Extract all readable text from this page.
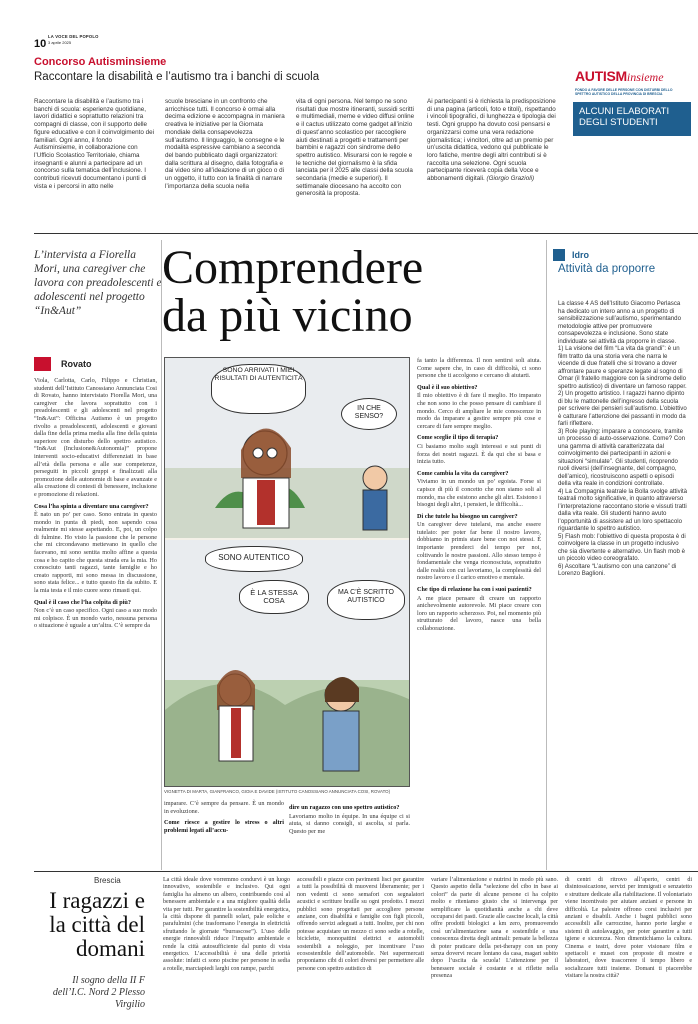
10
LA VOCE DEL POPOLO
3 aprile 2025
Concorso Autisminsieme
Raccontare la disabilità e l’autismo tra i banchi di scuola
Raccontare la disabilità e l’autismo tra i banchi di scuola: esperienze quotidiane, lavori didattici e soprattutto relazioni tra compagni di classe, con il supporto delle figure educative e con il coinvolgimento dei familiari. Ogni anno, il fondo Autisminsieme, in collaborazione con l’Ufficio Scolastico Territoriale, chiama insegnanti e alunni a partecipare ad un concorso sulla tematica dell’inclusione. I contributi ricevuti documentano i punti di vista e i percorsi in atto nelle
scuole bresciane in un confronto che arricchisce tutti. Il concorso è ormai alla decima edizione e accompagna in maniera creativa le iniziative per la Giornata mondiale della consapevolezza sull’autismo. Il linguaggio, le consegne e le modalità espressive cambiano a seconda del bando pubblicato dagli organizzatori: dalla scrittura al disegno, dalla fotografia e dai video sino all’ideazione di un gioco o di un oggetto, il tutto con la finalità di narrare l’importanza della scuola nella
vita di ogni persona. Nel tempo ne sono risultati due mostre itineranti, sussidi scritti e multimediali, meme e video diffusi online e il cactus utilizzato come gadget all’inizio di quest’anno scolastico per raccogliere aiuti destinati a progetti e trattamenti per bambini e ragazzi con sindrome dello spettro autistico. Misurarsi con le regole e le tecniche del giornalismo è la sfida lanciata per il 2025 alle classi della scuola secondaria (medie e superiori). Il settimanale diocesano ha accolto con generosità la proposta.
Ai partecipanti si è richiesta la predisposizione di una pagina (articoli, foto e titoli), rispettando i vincoli tipografici, di lunghezza e tipologia dei testi. Ogni gruppo ha dovuto così pensarsi e organizzarsi come una vera redazione giornalistica; i vincitori, oltre ad un premio per un’uscita didattica, vedono qui pubblicate le loro fatiche, mentre degli altri contributi si è raccolta una selezione. Ogni scuola partecipante riceverà copia della Voce e abbonamenti digitali. (Giorgio Grazioli)
AUTISMinsieme
FONDO A FAVORE DELLE PERSONE CON DISTURBI DELLO SPETTRO AUTISTICO DELLA PROVINCIA DI BRESCIA
ALCUNI ELABORATI DEGLI STUDENTI
L’intervista a Fiorella Mori, una caregiver che lavora con preadolescenti e adolescenti nel progetto “In&Aut”
Comprendere
da più vicino
Rovato
Viola, Carlotta, Carlo, Filippo e Christian, studenti dell’Istituto Canossiano Annunciata Cosi di Rovato, hanno intervistato Fiorella Mori, una caregiver che lavora soprattutto con i preadolescenti e gli adolescenti nel progetto “In&Aut”: Officina Autismo è un progetto rivolto a preadolescenti, adolescenti e giovani dalla fine della prima media alla fine della quinta superiore con disturbo dello spettro autistico. “In&Aut (Inclusione&Autonomia)” propone interventi socio-educativi differenziati in base all’età della persona e alle sue competenze, perseguiti in piccoli gruppi e finalizzati alla promozione delle autonomie di base e avanzate e alla creazione di contesti di benessere, inclusione e promozione di relazioni.
Cosa l’ha spinta a diventare una caregiver?
È nato un po’ per caso. Sono entrata in questo mondo in punta di piedi, non sapendo cosa realmente mi stesse aspettando. E, poi, un colpo di fulmine. Ho visto la passione che le persone che mi circondavano mettevano in quello che facevano, mi sono sentita molto affine a questa cosa e ho capito che questa strada era la mia. Ho conosciuto tanti ragazzi, tante famiglie e ho creato rapporti, mi sono messa in discussione, sono stata felice... e tutto questo fin da subito. E la mia testa e il mio cuore sono rimasti qui.
Qual è il caso che l’ha colpita di più?
Non c’è un caso specifico. Ogni caso a suo modo mi colpisce. È un mondo vario, nessuna persona o situazione è uguale a un’altra. C’è sempre da
imparare. C’è sempre da pensare. È un mondo in evoluzione.
Come riesce a gestire lo stress o altri problemi legati all’accu-
dire un ragazzo con uno spettro autistico?
Lavoriamo molto in équipe. In una équipe ci si aiuta, si danno consigli, si ascolta, si parla. Questo per me
fa tanto la differenza. Il non sentirsi soli aiuta. Come sapere che, in caso di difficoltà, ci sono persone che ti accolgono e cercano di aiutarti.
Qual è il suo obiettivo?
Il mio obiettivo è di fare il meglio. Ho imparato che non sono io che posso pensare di cambiare il mondo. Cerco di ampliare le mie conoscenze in modo da imparare a gestire sempre più cose e cercare di fare sempre meglio.
Come sceglie il tipo di terapia?
Ci basiamo molto sugli interessi e sui punti di forza dei nostri ragazzi. È da qui che si basa e inizia tutto.
Come cambia la vita da caregiver?
Viviamo in un mondo un po’ egoista. Forse si capisce di più il concetto che non siamo soli al mondo, ma che esistono anche gli altri. Esistono i bisogni degli altri, i pensieri, le difficoltà...
Di che tutele ha bisogno un caregiver?
Un caregiver deve tutelarsi, ma anche essere tutelato: per poter far bene il nostro lavoro, dobbiamo in primis stare bene con noi stessi. È importante prenderci del tempo per noi, coltivando le nostre passioni. Allo stesso tempo è fondamentale che venga riconosciuta, soprattutto dalle realtà con cui lavoriamo, la complessità del nostro lavoro e il carico emotivo e mentale.
Che tipo di relazione ha con i suoi pazienti?
A me piace pensare di creare un rapporto anichevolmente autorevole. Mi piace creare con loro un rapporto scherzoso. Poi, nel momento più strutturato del lavoro, nasce una bella collaborazione.
SONO ARRIVATI I MIEI RISULTATI DI AUTENTICITÀ
IN CHE SENSO?
SONO AUTENTICO
È LA STESSA COSA
MA C’È SCRITTO AUTISTICO
VIGNETTA DI MARTA, GIANFRANCO, GIOIA E DAVIDE (ISTITUTO CANOSSIANO ANNUNCIATA COSI, ROVATO)
Idro
Attività da proporre
La classe 4 AS dell’Istituto Giacomo Perlasca ha dedicato un intero anno a un progetto di sensibilizzazione sull’autismo, sperimentando metodologie attive per promuovere consapevolezza e inclusione. Sono state individuate sei attività da proporre in classe.
1) La visione del film “La vita da grandi”: è un film tratto da una storia vera che narra le vicende di due fratelli che si trovano a dover affrontare paure e speranze legate al sogno di Omar (il fratello maggiore con la sindrome dello spettro autistico) di diventare un famoso rapper.
2) Un progetto artistico. I ragazzi hanno dipinto di blu le mattonelle dell’ingresso della scuola per scrivere dei pensieri sull’autismo. L’obiettivo è catturare l’attenzione dei passanti in modo da farli riflettere.
3) Role playing: imparare a conoscere, tramite un processo di auto-osservazione. Come? Con una gamma di attività caratterizzata dal coinvolgimento dei partecipanti in azioni e situazioni “simulate”. Gli studenti, ricoprendo ruoli diversi (dell’insegnante, del compagno, dell’amico), ricostruiscono aspetti o episodi della vita reale in condizioni controllate.
4) La Compagnia teatrale la Bolla svolge attività teatrali molto significative, in quanto attraverso l’interpretazione raccontano storie e vissuti tratti dalla vita reale. Gli studenti hanno avuto l’opportunità di assistere ad un loro spettacolo riguardante lo spettro autistico.
5) Flash mob: l’obiettivo di questa proposta è di coinvolgere la classe in un progetto inclusivo che sia divertente e alternativo. Un flash mob è un piccolo video coreografato.
6) Ascoltare “L’autismo con una canzone” di Lorenzo Baglioni.
Brescia
I ragazzi e la città del domani
Il sogno della II F dell’I.C. Nord 2 Plesso Virgilio
La città ideale dove vorremmo condurvi è un luogo innovativo, sostenibile e inclusivo. Qui ogni famiglia ha almeno un albero, contribuendo così al benessere ambientale e a una migliore qualità della vita per tutti. Per garantire la sostenibilità energetica, la città dispone di pannelli solari, pale eoliche e parafulmini (che trasformano l’energia in elettricità sfruttando le giornate “burrascose”). L’uso delle energie rinnovabili riduce l’impatto ambientale e rende la città autosufficiente dal punto di vista energetico. L’accessibilità è una delle priorità assolute: infatti ci sono piscine per persone in sedia a rotelle, marciapiedi larghi con rampe, parchi
accessibili e piazze con pavimenti lisci per garantire a tutti la possibilità di muoversi liberamente; per i non vedenti ci sono semafori con segnalatori acustici e scritture braille su ogni prodotto. I mezzi pubblici sono progettati per accogliere persone anziane, con disabilità e famiglie con figli piccoli, offrendo servizi adeguati a tutti. Inoltre, per chi non potesse acquistare un mezzo ci sono sedie a rotelle, biciclette, monopattini elettrici e automobili sostenibili a noleggio, per incentivare l’uso ecosostenibile dell’automobile. Nei supermercati proponiamo cibi di colori diversi per permettere alle persone con spettro autistico di
variare l’alimentazione e nutrirsi in modo più sano. Questo aspetto della “selezione del cibo in base ai colori” da parte di alcune persone ci ha colpito molto e riteniamo giusto che si intervenga per semplificare la quotidianità anche a chi deve occuparsi dei pasti. Grazie alle cascine locali, la città offre prodotti biologici a km zero, promuovendo così un’alimentazione sana e sostenibile e una conoscenza diretta degli animali: pensate la bellezza di poter praticare della pet-therapy con un pony senza dovervi recare lontano da casa, magari subito dopo l’uscita da scuola! L’attenzione per il benessere sociale è costante e si riflette nella presenza
di centri di ritrovo all’aperto, centri di disintossicazione, servizi per immigrati e senzatetto e strutture dedicate alla riabilitazione. Il volontariato viene incentivato per aiutare anziani e persone in difficoltà. Le palestre offrono corsi inclusivi per anziani e disabili. Anche i bagni pubblici sono accessibili alle carrozzine, hanno porte larghe e sistemi di autolavaggio, per poter garantire a tutti igiene e sicurezza. Non dimentichiamo la cultura. Cinema e teatri, dove poter visionare film e spettacoli e musei con proposte di mostre e laboratori, dove trascorrere il tempo libero e socializzare tutti insieme. Domani ti piacerebbe visitare la nostra città?
